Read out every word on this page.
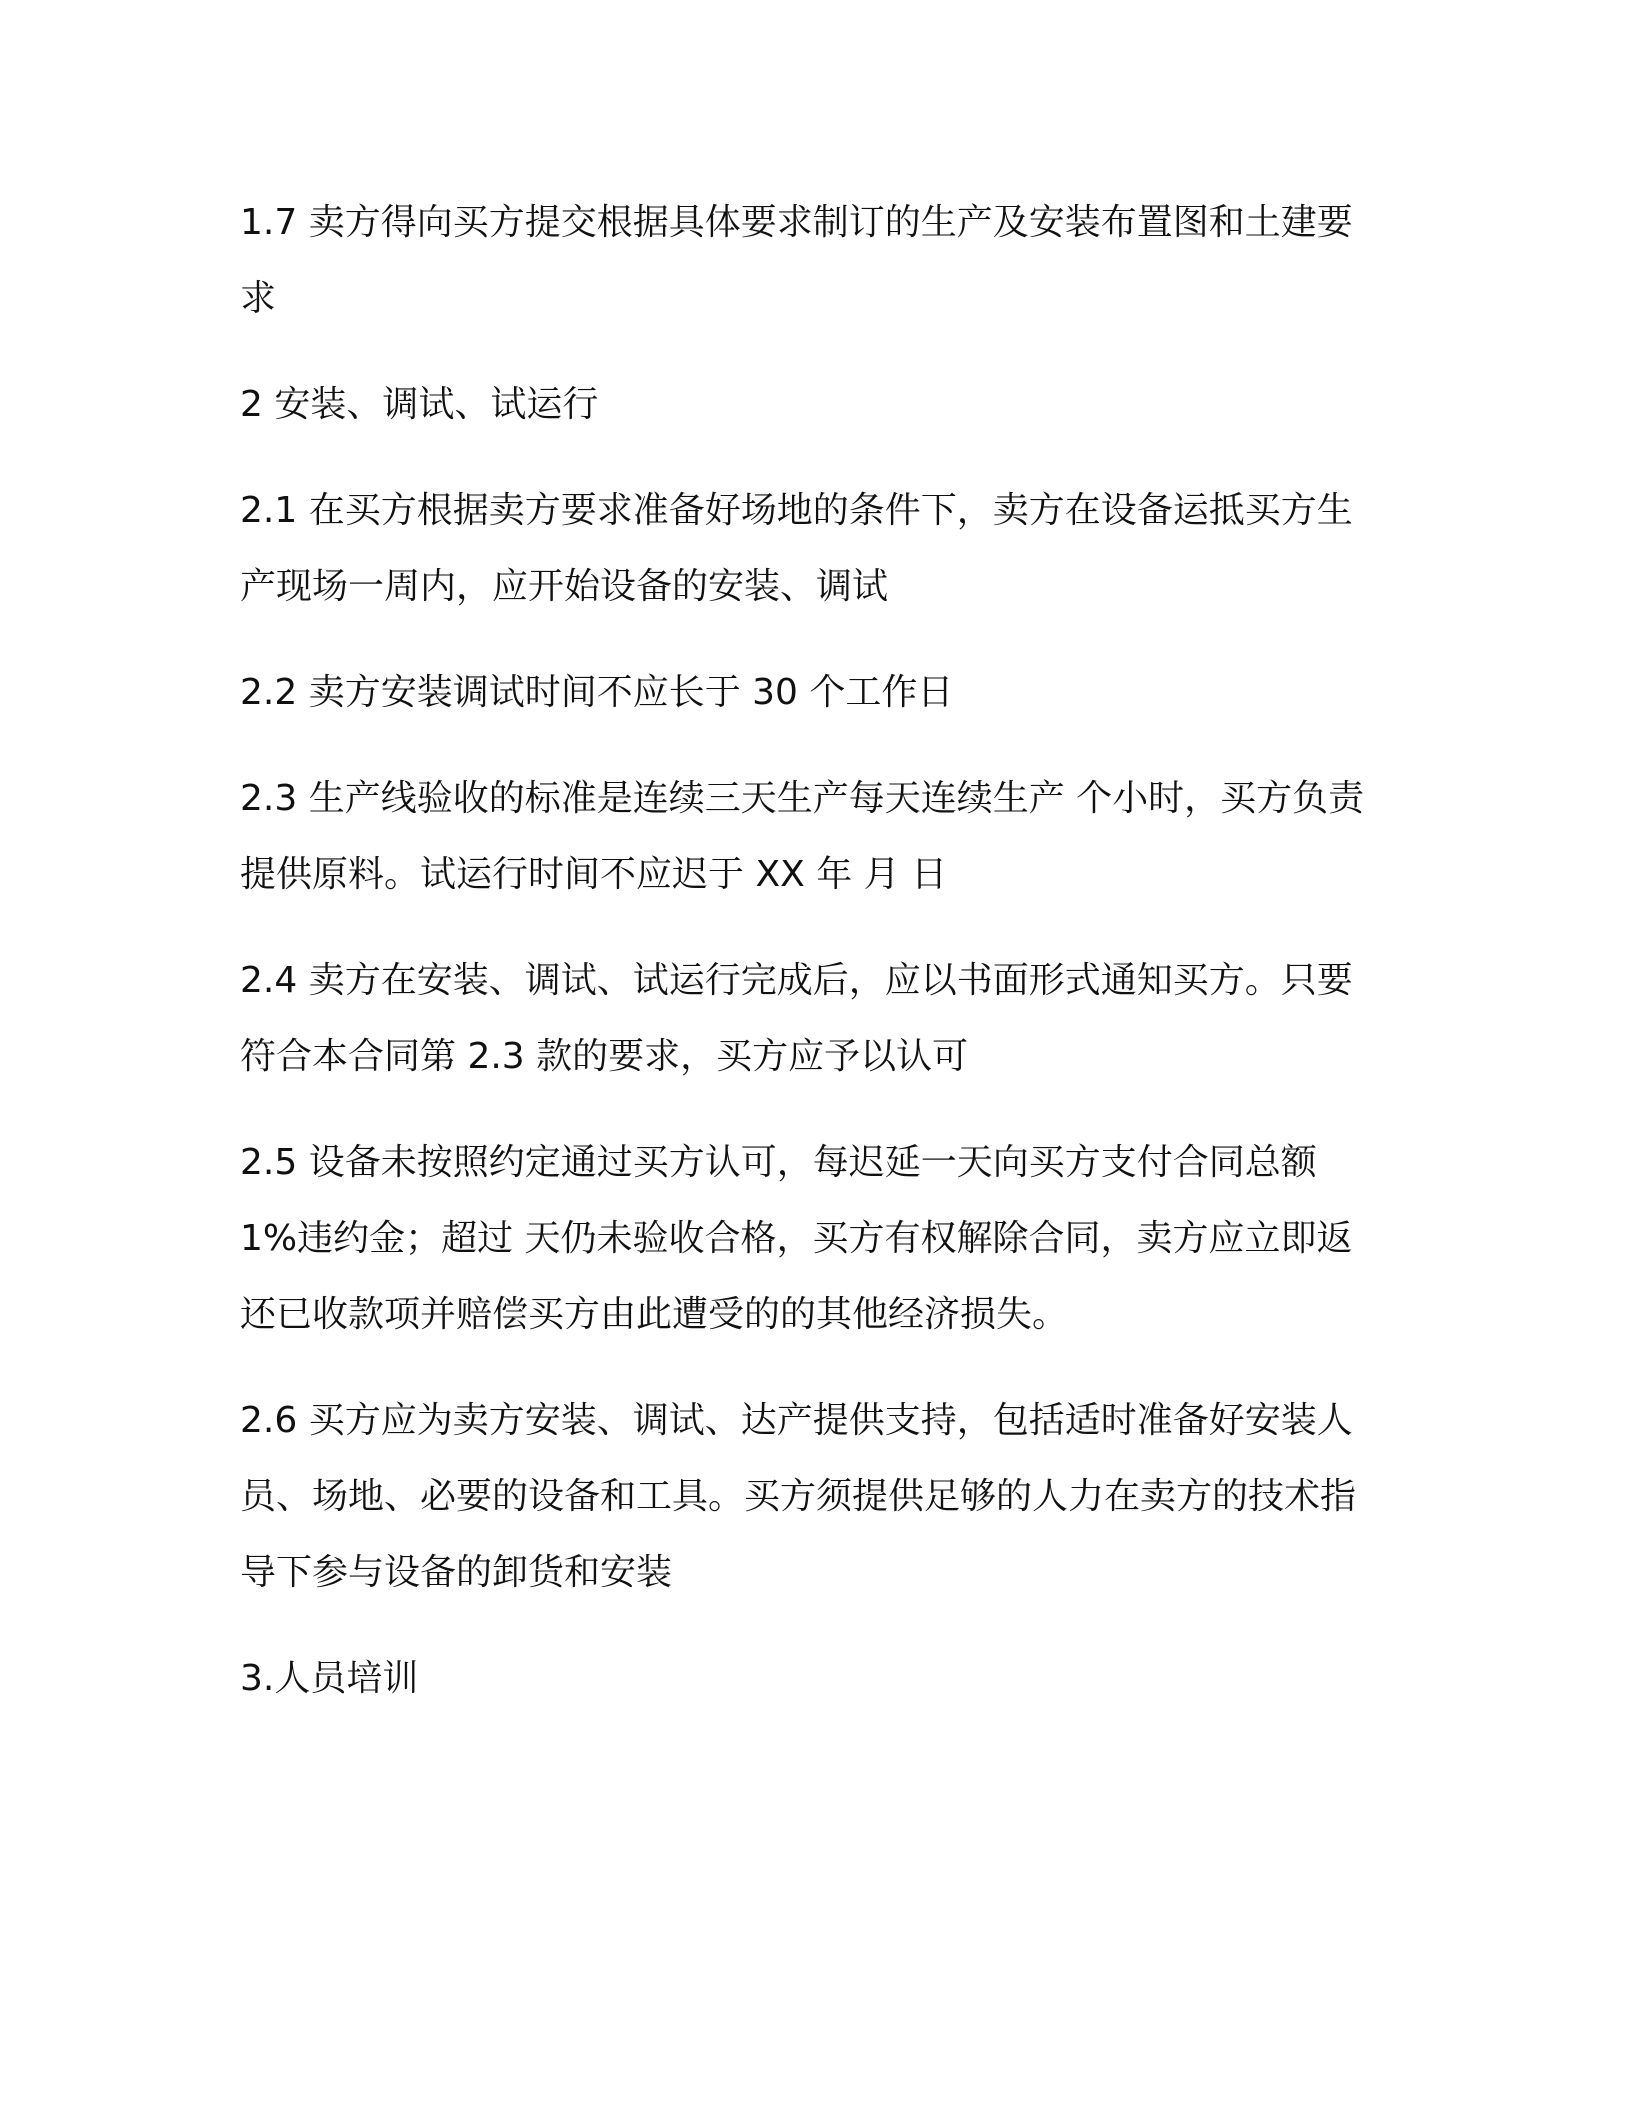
1.7 卖方得向买方提交根据具体要求制订的生产及安装布置图和土建要求

2 安装、调试、试运行

2.1 在买方根据卖方要求准备好场地的条件下，卖方在设备运抵买方生产现场一周内，应开始设备的安装、调试

2.2 卖方安装调试时间不应长于 30 个工作日

2.3 生产线验收的标准是连续三天生产每天连续生产 个小时，买方负责提供原料。试运行时间不应迟于 XX 年 月 日

2.4 卖方在安装、调试、试运行完成后，应以书面形式通知买方。只要符合本合同第 2.3 款的要求，买方应予以认可

2.5 设备未按照约定通过买方认可，每迟延一天向买方支付合同总额 1%违约金；超过 天仍未验收合格，买方有权解除合同，卖方应立即返还已收款项并赔偿买方由此遭受的的其他经济损失。

2.6 买方应为卖方安装、调试、达产提供支持，包括适时准备好安装人员、场地、必要的设备和工具。买方须提供足够的人力在卖方的技术指导下参与设备的卸货和安装

3.人员培训
